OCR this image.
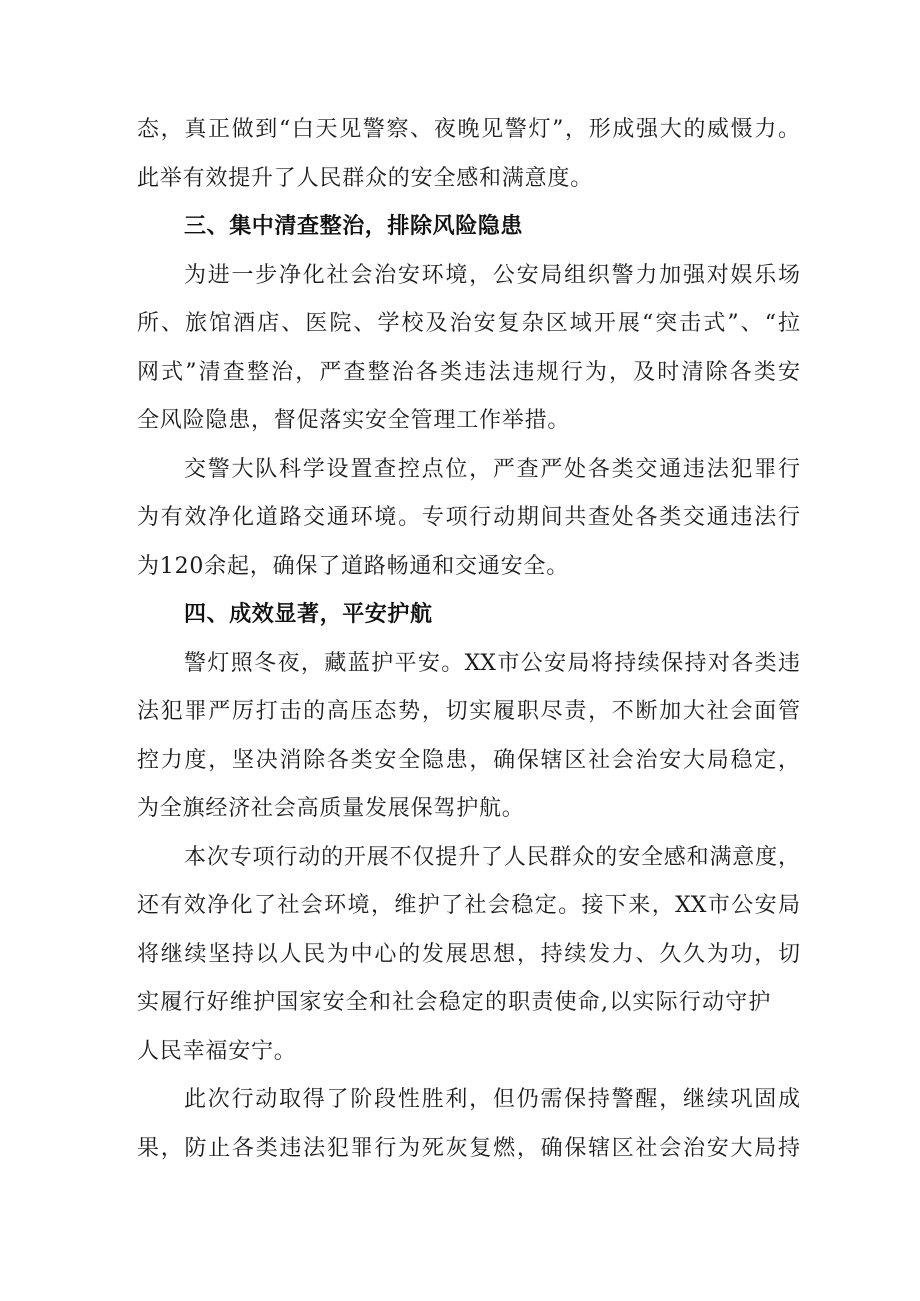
态，真正做到“白天见警察、夜晚见警灯”，形成强大的威慑力。
此举有效提升了人民群众的安全感和满意度。
三、集中清查整治，排除风险隐患
为进一步净化社会治安环境，公安局组织警力加强对娱乐场
所、旅馆酒店、医院、学校及治安复杂区域开展“突击式”、“拉
网式”清查整治，严查整治各类违法违规行为，及时清除各类安
全风险隐患，督促落实安全管理工作举措。
交警大队科学设置查控点位，严查严处各类交通违法犯罪行
为有效净化道路交通环境。专项行动期间共查处各类交通违法行
为120余起，确保了道路畅通和交通安全。
四、成效显著，平安护航
警灯照冬夜，藏蓝护平安。XX市公安局将持续保持对各类违
法犯罪严厉打击的高压态势，切实履职尽责，不断加大社会面管
控力度，坚决消除各类安全隐患，确保辖区社会治安大局稳定，
为全旗经济社会高质量发展保驾护航。
本次专项行动的开展不仅提升了人民群众的安全感和满意度，
还有效净化了社会环境，维护了社会稳定。接下来，XX市公安局
将继续坚持以人民为中心的发展思想，持续发力、久久为功，切
实履行好维护国家安全和社会稳定的职责使命,以实际行动守护
人民幸福安宁。
此次行动取得了阶段性胜利，但仍需保持警醒，继续巩固成
果，防止各类违法犯罪行为死灰复燃，确保辖区社会治安大局持
